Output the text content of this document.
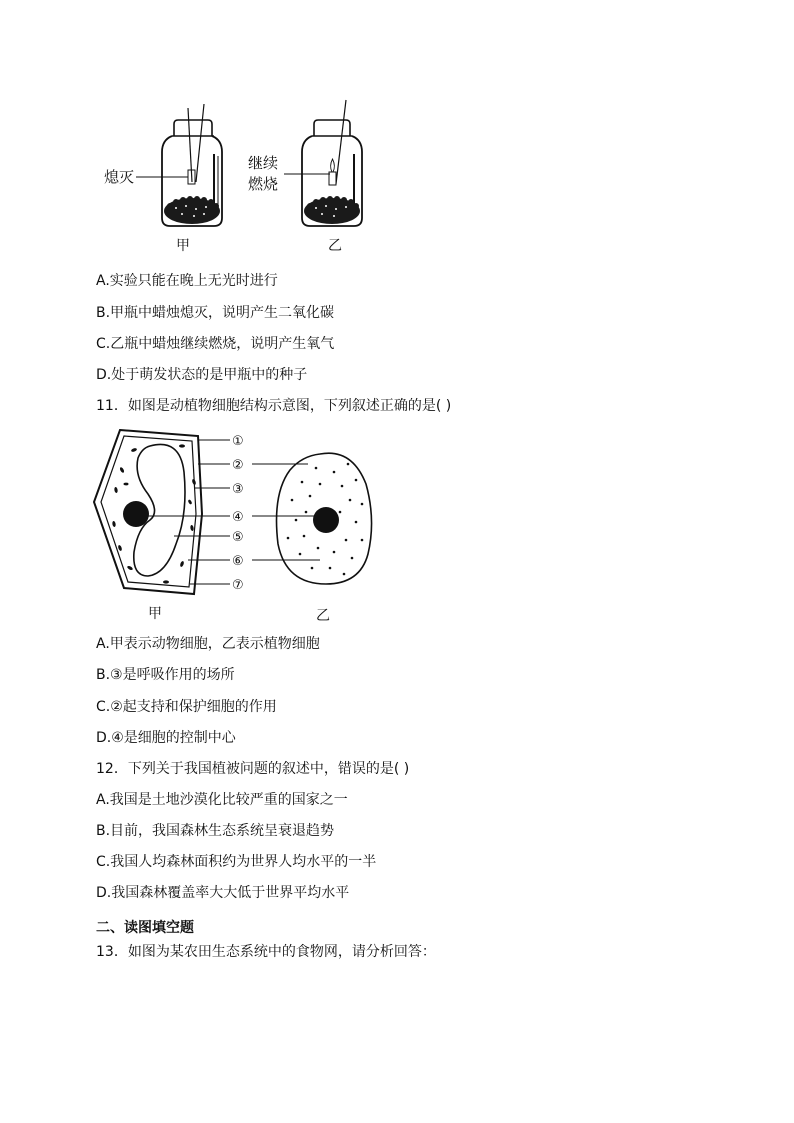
熄灭
继续
燃烧
甲	乙
A.实验只能在晚上无光时进行
B.甲瓶中蜡烛熄灭，说明产生二氧化碳
C.乙瓶中蜡烛继续燃烧，说明产生氧气
D.处于萌发状态的是甲瓶中的种子
11．如图是动植物细胞结构示意图，下列叙述正确的是( )
①
②
③
④
⑤
⑥
⑦
甲	乙
A.甲表示动物细胞，乙表示植物细胞
B.③是呼吸作用的场所
C.②起支持和保护细胞的作用
D.④是细胞的控制中心
12．下列关于我国植被问题的叙述中，错误的是( )
A.我国是土地沙漠化比较严重的国家之一
B.目前，我国森林生态系统呈衰退趋势
C.我国人均森林面积约为世界人均水平的一半
D.我国森林覆盖率大大低于世界平均水平
二、读图填空题
13．如图为某农田生态系统中的食物网，请分析回答：
